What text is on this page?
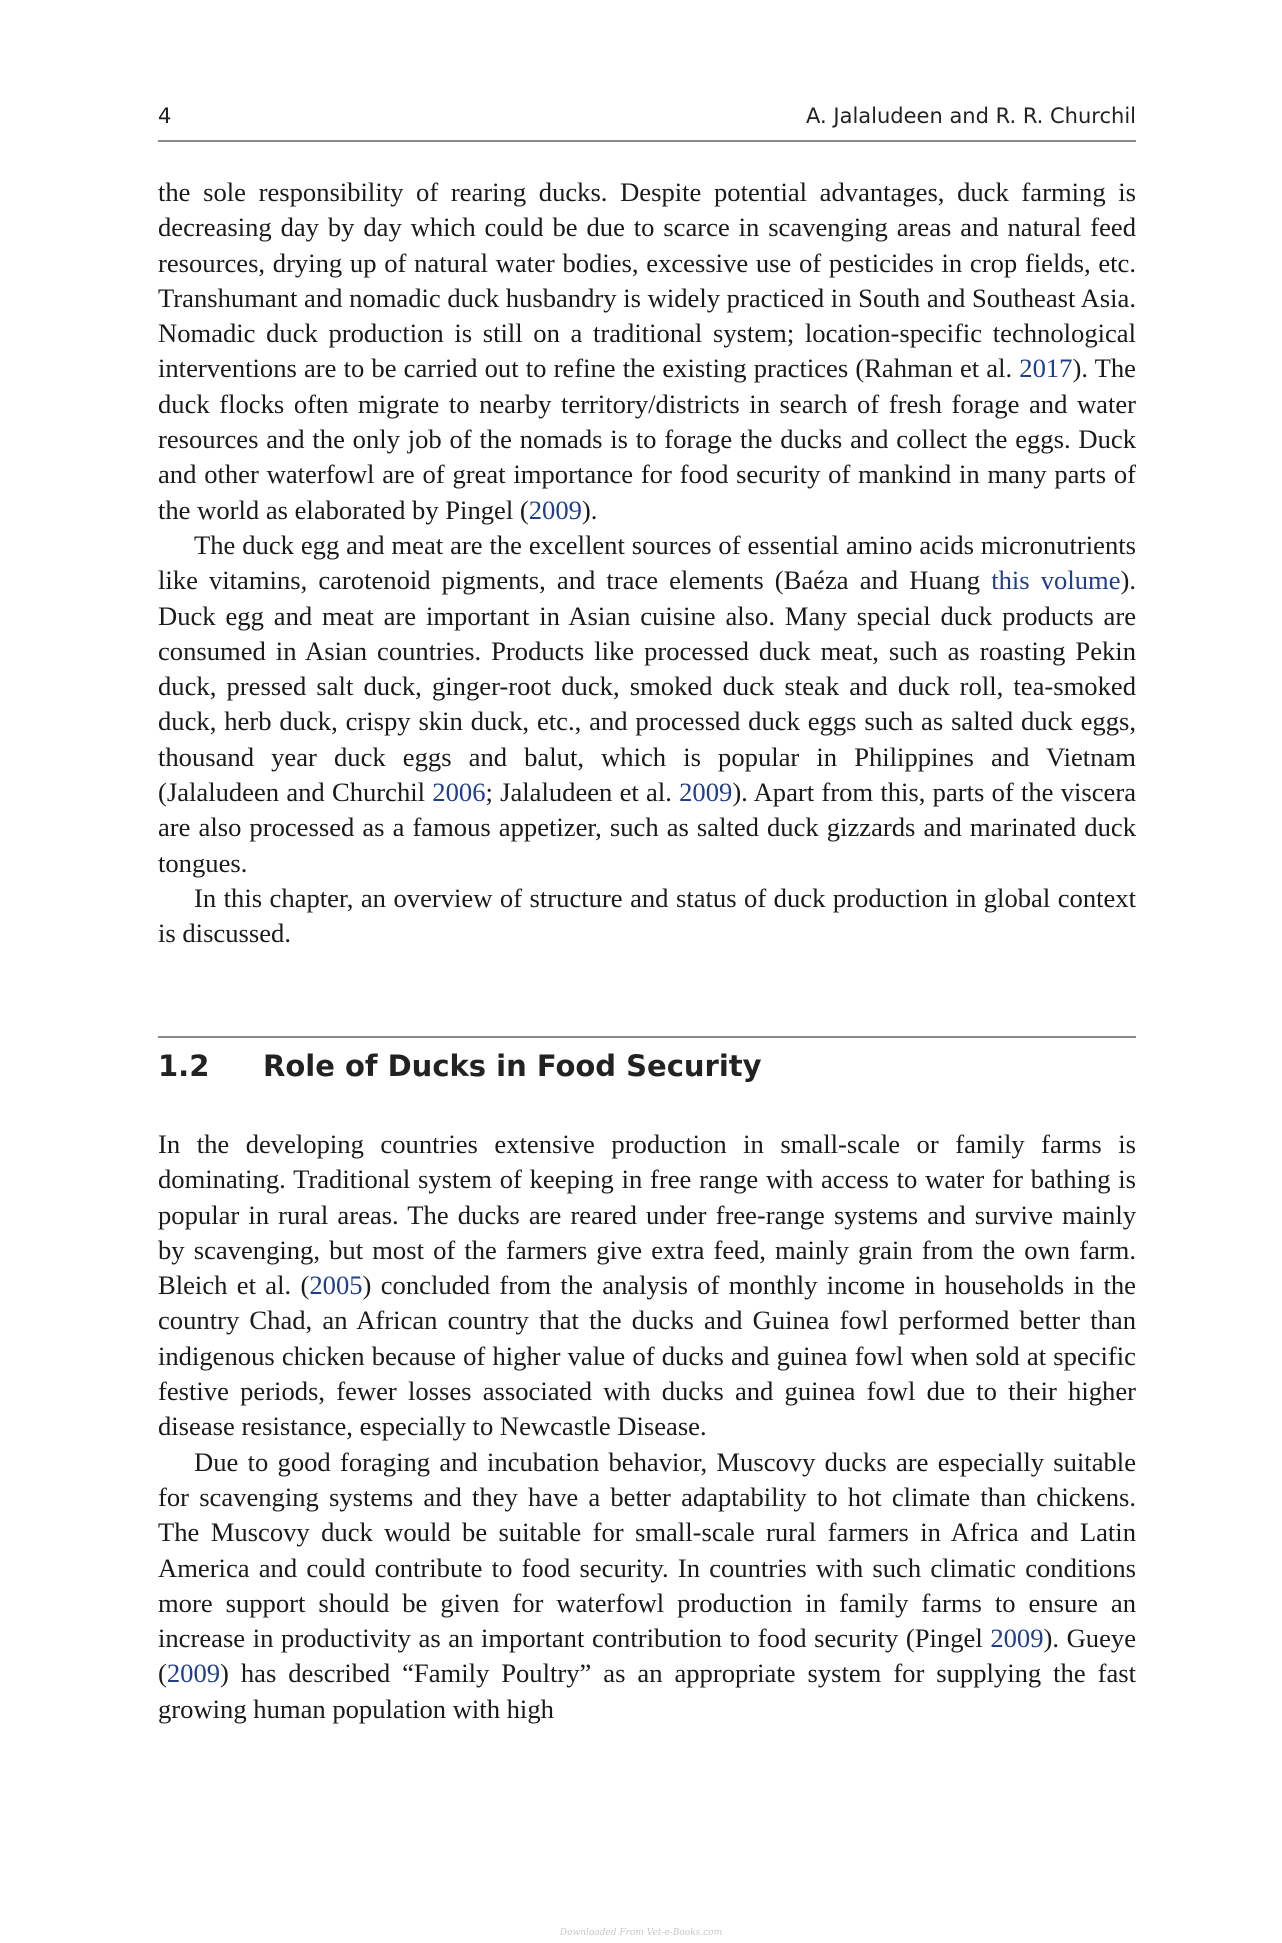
4	A. Jalaludeen and R. R. Churchil

the sole responsibility of rearing ducks. Despite potential advantages, duck farming is decreasing day by day which could be due to scarce in scavenging areas and natural feed resources, drying up of natural water bodies, excessive use of pesticides in crop fields, etc. Transhumant and nomadic duck husbandry is widely practiced in South and Southeast Asia. Nomadic duck production is still on a traditional system; location-specific technological interventions are to be carried out to refine the existing practices (Rahman et al. 2017). The duck flocks often migrate to nearby territory/districts in search of fresh forage and water resources and the only job of the nomads is to forage the ducks and collect the eggs. Duck and other waterfowl are of great importance for food security of mankind in many parts of the world as elaborated by Pingel (2009).

The duck egg and meat are the excellent sources of essential amino acids micronutrients like vitamins, carotenoid pigments, and trace elements (Baéza and Huang this volume). Duck egg and meat are important in Asian cuisine also. Many special duck products are consumed in Asian countries. Products like processed duck meat, such as roasting Pekin duck, pressed salt duck, ginger-root duck, smoked duck steak and duck roll, tea-smoked duck, herb duck, crispy skin duck, etc., and processed duck eggs such as salted duck eggs, thousand year duck eggs and balut, which is popular in Philippines and Vietnam (Jalaludeen and Churchil 2006; Jalaludeen et al. 2009). Apart from this, parts of the viscera are also processed as a famous appetizer, such as salted duck gizzards and marinated duck tongues.

In this chapter, an overview of structure and status of duck production in global context is discussed.

1.2 Role of Ducks in Food Security

In the developing countries extensive production in small-scale or family farms is dominating. Traditional system of keeping in free range with access to water for bathing is popular in rural areas. The ducks are reared under free-range systems and survive mainly by scavenging, but most of the farmers give extra feed, mainly grain from the own farm. Bleich et al. (2005) concluded from the analysis of monthly income in households in the country Chad, an African country that the ducks and Guinea fowl performed better than indigenous chicken because of higher value of ducks and guinea fowl when sold at specific festive periods, fewer losses associated with ducks and guinea fowl due to their higher disease resistance, especially to Newcastle Disease.

Due to good foraging and incubation behavior, Muscovy ducks are especially suitable for scavenging systems and they have a better adaptability to hot climate than chickens. The Muscovy duck would be suitable for small-scale rural farmers in Africa and Latin America and could contribute to food security. In countries with such climatic conditions more support should be given for waterfowl production in family farms to ensure an increase in productivity as an important contribution to food security (Pingel 2009). Gueye (2009) has described “Family Poultry” as an appropriate system for supplying the fast growing human population with high

Downloaded From Vet-e-Books.com
